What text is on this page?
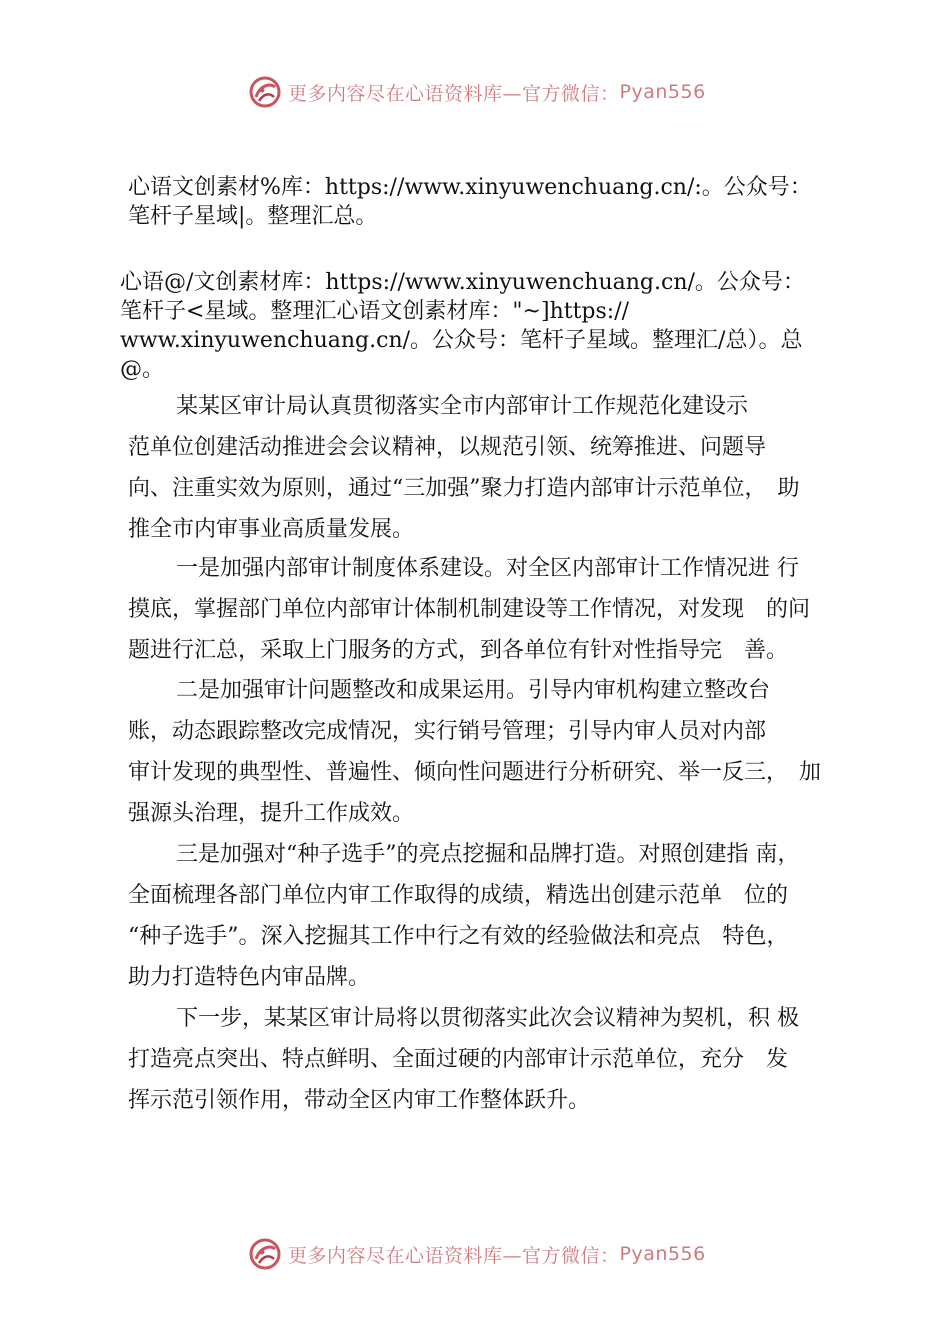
更多内容尽在心语资料库—官方微信： Pyan556
心语文创素材%库：https://www.xinyuwenchuang.cn/:。公众号：
笔杆子星域|。整理汇总。
心语@/文创素材库：https://www.xinyuwenchuang.cn/。公众号：
笔杆子<星域。整理汇心语文创素材库："~]https://
www.xinyuwenchuang.cn/。公众号：笔杆子星域。整理汇/总）。总
@。
某某区审计局认真贯彻落实全市内部审计工作规范化建设示
范单位创建活动推进会会议精神，以规范引领、统筹推进、问题导
向、注重实效为原则，通过“三加强”聚力打造内部审计示范单位，　助
推全市内审事业高质量发展。
一是加强内部审计制度体系建设。对全区内部审计工作情况进 行
摸底，掌握部门单位内部审计体制机制建设等工作情况，对发现　的问
题进行汇总，采取上门服务的方式，到各单位有针对性指导完　善。
二是加强审计问题整改和成果运用。引导内审机构建立整改台
账，动态跟踪整改完成情况，实行销号管理；引导内审人员对内部
审计发现的典型性、普遍性、倾向性问题进行分析研究、举一反三，　加
强源头治理，提升工作成效。
三是加强对“种子选手”的亮点挖掘和品牌打造。对照创建指 南，
全面梳理各部门单位内审工作取得的成绩，精选出创建示范单　位的
“种子选手”。深入挖掘其工作中行之有效的经验做法和亮点　特色，
助力打造特色内审品牌。
下一步，某某区审计局将以贯彻落实此次会议精神为契机，积 极
打造亮点突出、特点鲜明、全面过硬的内部审计示范单位，充分　发
挥示范引领作用，带动全区内审工作整体跃升。
更多内容尽在心语资料库—官方微信： Pyan556
